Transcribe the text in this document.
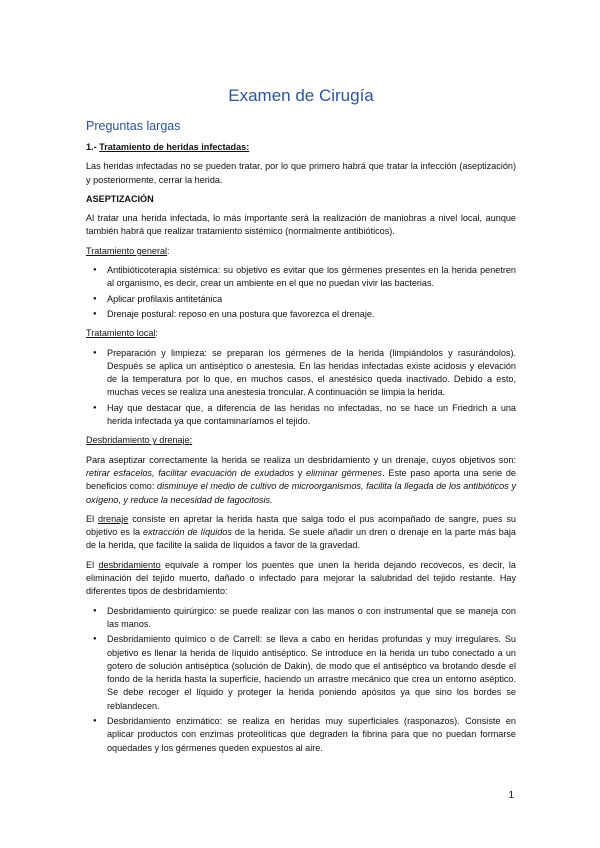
Examen de Cirugía
Preguntas largas

1.- Tratamiento de heridas infectadas:

Las heridas infectadas no se pueden tratar, por lo que primero habrá que tratar la infección (aseptización) y posteriormente, cerrar la herida.

ASEPTIZACIÓN

Al tratar una herida infectada, lo más importante será la realización de maniobras a nivel local, aunque también habrá que realizar tratamiento sistémico (normalmente antibióticos).

Tratamiento general:

● Antibióticoterapia sistémica: su objetivo es evitar que los gérmenes presentes en la herida penetren al organismo, es decir, crear un ambiente en el que no puedan vivir las bacterias.
● Aplicar profilaxis antitetánica
● Drenaje postural: reposo en una postura que favorezca el drenaje.

Tratamiento local:

● Preparación y limpieza: se preparan los gérmenes de la herida (limpiándolos y rasurándolos). Después se aplica un antiséptico o anestesia. En las heridas infectadas existe acidosis y elevación de la temperatura por lo que, en muchos casos, el anestésico queda inactivado. Debido a esto, muchas veces se realiza una anestesia troncular. A continuación se limpia la herida.
● Hay que destacar que, a diferencia de las heridas no infectadas, no se hace un Friedrich a una herida infectada ya que contaminaríamos el tejido.

Desbridamiento y drenaje:

Para aseptizar correctamente la herida se realiza un desbridamiento y un drenaje, cuyos objetivos son: retirar esfacelos, facilitar evacuación de exudados y eliminar gérmenes. Este paso aporta una serie de beneficios como: disminuye el medio de cultivo de microorganismos, facilita la llegada de los antibióticos y oxígeno, y reduce la necesidad de fagocitosis.

El drenaje consiste en apretar la herida hasta que salga todo el pus acompañado de sangre, pues su objetivo es la extracción de líquidos de la herida. Se suele añadir un dren o drenaje en la parte más baja de la herida, que facilite la salida de líquidos a favor de la gravedad.

El desbridamiento equivale a romper los puentes que unen la herida dejando recovecos, es decir, la eliminación del tejido muerto, dañado o infectado para mejorar la salubridad del tejido restante. Hay diferentes tipos de desbridamiento:

● Desbridamiento quirúrgico: se puede realizar con las manos o con instrumental que se maneja con las manos.
● Desbridamiento químico o de Carrell: se lleva a cabo en heridas profundas y muy irregulares. Su objetivo es llenar la herida de líquido antiséptico. Se introduce en la herida un tubo conectado a un gotero de solución antiséptica (solución de Dakin), de modo que el antiséptico va brotando desde el fondo de la herida hasta la superficie, haciendo un arrastre mecánico que crea un entorno aséptico. Se debe recoger el líquido y proteger la herida poniendo apósitos ya que sino los bordes se reblandecen.
● Desbridamiento enzimático: se realiza en heridas muy superficiales (rasponazos). Consiste en aplicar productos con enzimas proteolíticas que degraden la fibrina para que no puedan formarse oquedades y los gérmenes queden expuestos al aire.
1
